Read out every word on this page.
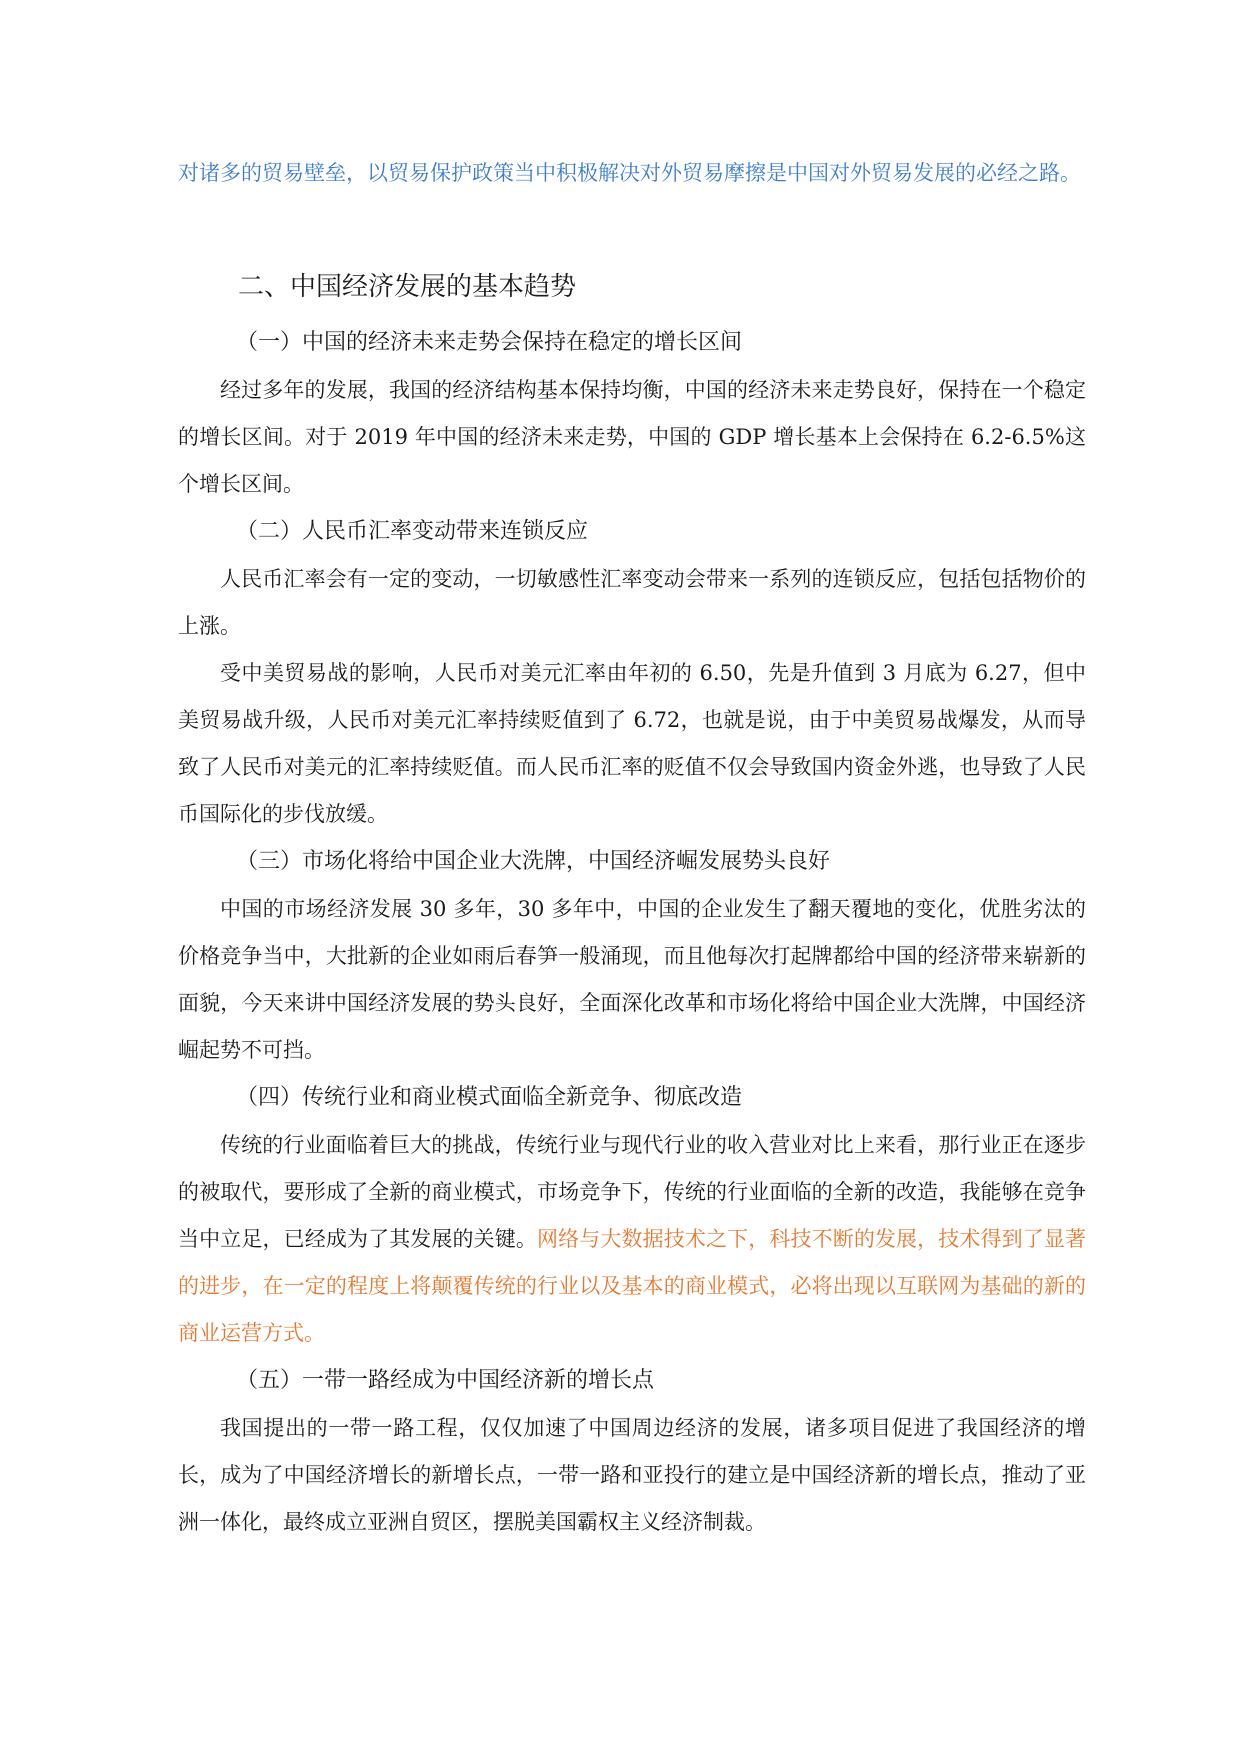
对诸多的贸易壁垒，以贸易保护政策当中积极解决对外贸易摩擦是中国对外贸易发展的必经之路。

二、中国经济发展的基本趋势
（一）中国的经济未来走势会保持在稳定的增长区间

经过多年的发展，我国的经济结构基本保持均衡，中国的经济未来走势良好，保持在一个稳定的增长区间。对于 2019 年中国的经济未来走势，中国的 GDP 增长基本上会保持在 6.2-6.5%这个增长区间。

（二）人民币汇率变动带来连锁反应

人民币汇率会有一定的变动，一切敏感性汇率变动会带来一系列的连锁反应，包括包括物价的上涨。

受中美贸易战的影响，人民币对美元汇率由年初的 6.50，先是升值到 3 月底为 6.27，但中美贸易战升级，人民币对美元汇率持续贬值到了 6.72，也就是说，由于中美贸易战爆发，从而导致了人民币对美元的汇率持续贬值。而人民币汇率的贬值不仅会导致国内资金外逃，也导致了人民币国际化的步伐放缓。

（三）市场化将给中国企业大洗牌，中国经济崛发展势头良好

中国的市场经济发展 30 多年，30 多年中，中国的企业发生了翻天覆地的变化，优胜劣汰的价格竞争当中，大批新的企业如雨后春笋一般涌现，而且他每次打起牌都给中国的经济带来崭新的面貌，今天来讲中国经济发展的势头良好，全面深化改革和市场化将给中国企业大洗牌，中国经济崛起势不可挡。

（四）传统行业和商业模式面临全新竞争、彻底改造

传统的行业面临着巨大的挑战，传统行业与现代行业的收入营业对比上来看，那行业正在逐步的被取代，要形成了全新的商业模式，市场竞争下，传统的行业面临的全新的改造，我能够在竞争当中立足，已经成为了其发展的关键。网络与大数据技术之下，科技不断的发展，技术得到了显著的进步，在一定的程度上将颠覆传统的行业以及基本的商业模式，必将出现以互联网为基础的新的商业运营方式。

（五）一带一路经成为中国经济新的增长点

我国提出的一带一路工程，仅仅加速了中国周边经济的发展，诸多项目促进了我国经济的增长，成为了中国经济增长的新增长点，一带一路和亚投行的建立是中国经济新的增长点，推动了亚洲一体化，最终成立亚洲自贸区，摆脱美国霸权主义经济制裁。
